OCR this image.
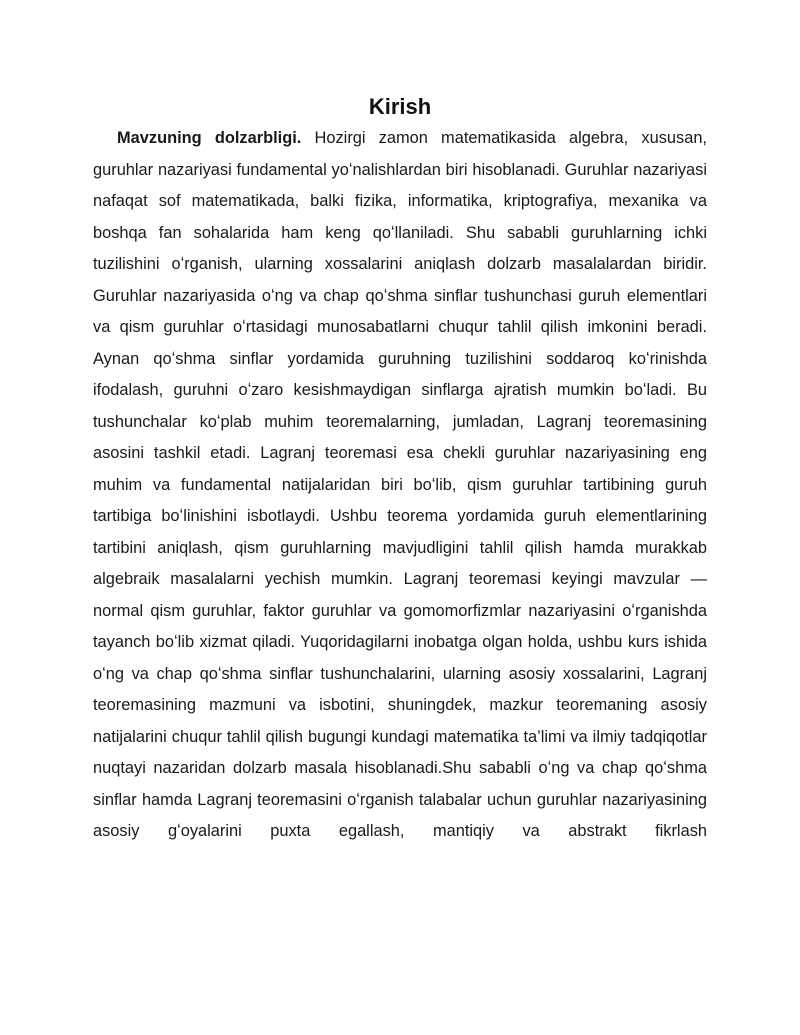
Kirish

Mavzuning dolzarbligi. Hozirgi zamon matematikasida algebra, xususan, guruhlar nazariyasi fundamental yoʻnalishlardan biri hisoblanadi. Guruhlar nazariyasi nafaqat sof matematikada, balki fizika, informatika, kriptografiya, mexanika va boshqa fan sohalarida ham keng qoʻllaniladi. Shu sababli guruhlarning ichki tuzilishini oʻrganish, ularning xossalarini aniqlash dolzarb masalalardan biridir. Guruhlar nazariyasida oʻng va chap qoʻshma sinflar tushunchasi guruh elementlari va qism guruhlar oʻrtasidagi munosabatlarni chuqur tahlil qilish imkonini beradi. Aynan qoʻshma sinflar yordamida guruhning tuzilishini soddaroq koʻrinishda ifodalash, guruhni oʻzaro kesishmaydigan sinflarga ajratish mumkin boʻladi. Bu tushunchalar koʻplab muhim teoremalarning, jumladan, Lagranj teoremasining asosini tashkil etadi. Lagranj teoremasi esa chekli guruhlar nazariyasining eng muhim va fundamental natijalaridan biri boʻlib, qism guruhlar tartibining guruh tartibiga boʻlinishini isbotlaydi. Ushbu teorema yordamida guruh elementlarining tartibini aniqlash, qism guruhlarning mavjudligini tahlil qilish hamda murakkab algebraik masalalarni yechish mumkin. Lagranj teoremasi keyingi mavzular — normal qism guruhlar, faktor guruhlar va gomomorfizmlar nazariyasini oʻrganishda tayanch boʻlib xizmat qiladi. Yuqoridagilarni inobatga olgan holda, ushbu kurs ishida oʻng va chap qoʻshma sinflar tushunchalarini, ularning asosiy xossalarini, Lagranj teoremasining mazmuni va isbotini, shuningdek, mazkur teoremaning asosiy natijalarini chuqur tahlil qilish bugungi kundagi matematika ta’limi va ilmiy tadqiqotlar nuqtayi nazaridan dolzarb masala hisoblanadi.Shu sababli oʻng va chap qoʻshma sinflar hamda Lagranj teoremasini oʻrganish talabalar uchun guruhlar nazariyasining asosiy gʻoyalarini puxta egallash, mantiqiy va abstrakt fikrlash
